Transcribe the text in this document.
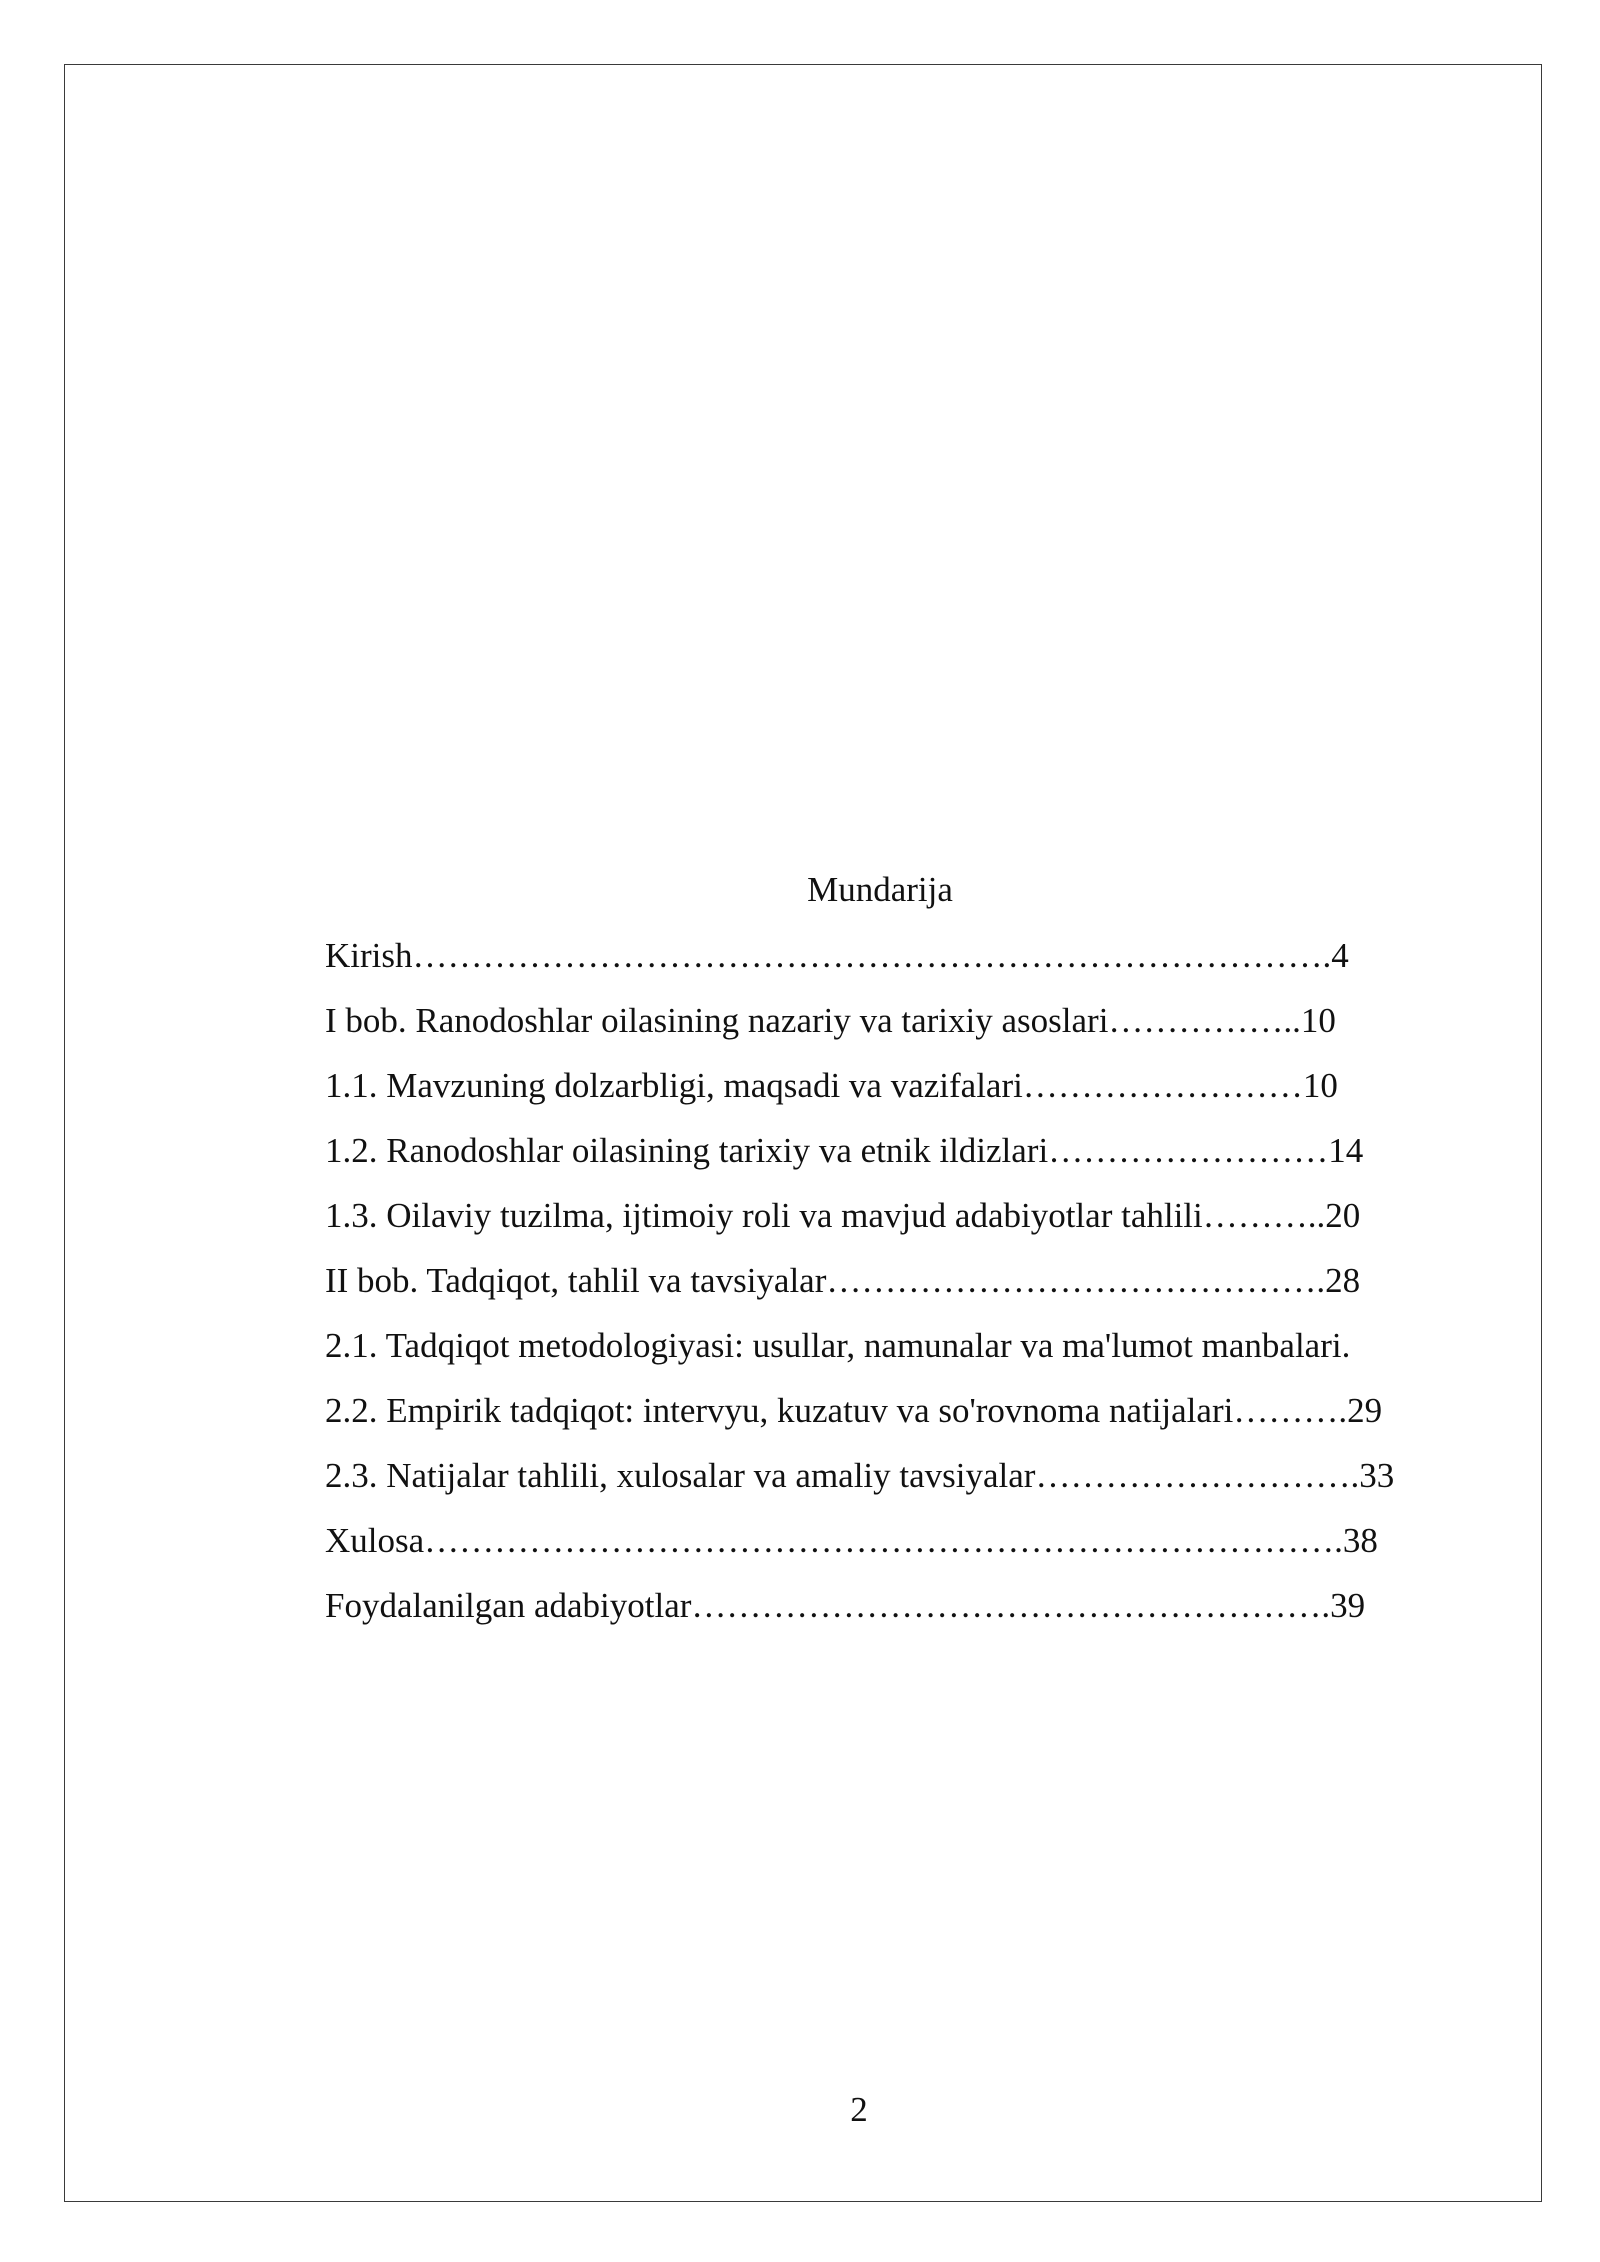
Mundarija
Kirish…………………………………………………………………….4
I bob. Ranodoshlar oilasining nazariy va tarixiy asoslari……………..10
1.1. Mavzuning dolzarbligi, maqsadi va vazifalari……………………10
1.2. Ranodoshlar oilasining tarixiy va etnik ildizlari……………………14
1.3. Oilaviy tuzilma, ijtimoiy roli va mavjud adabiyotlar tahlili………..20
II bob. Tadqiqot, tahlil va tavsiyalar…………………………………….28
2.1. Tadqiqot metodologiyasi: usullar, namunalar va ma'lumot manbalari.
2.2. Empirik tadqiqot: intervyu, kuzatuv va so'rovnoma natijalari……….29
2.3. Natijalar tahlili, xulosalar va amaliy tavsiyalar……………………….33
Xulosa…………………………………………………………………….38
Foydalanilgan adabiyotlar……………………………………………….39
2
